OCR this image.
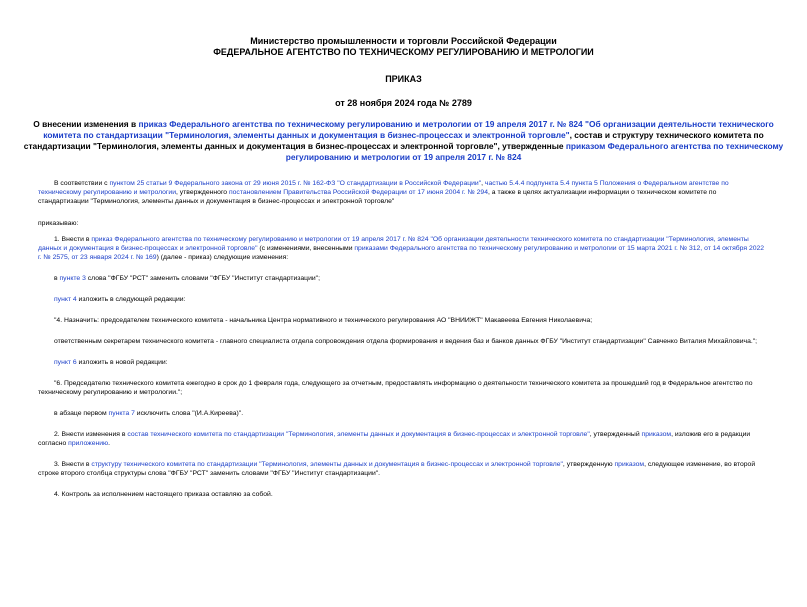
Министерство промышленности и торговли Российской Федерации
ФЕДЕРАЛЬНОЕ АГЕНТСТВО ПО ТЕХНИЧЕСКОМУ РЕГУЛИРОВАНИЮ И МЕТРОЛОГИИ
ПРИКАЗ
от 28 ноября 2024 года № 2789
О внесении изменения в приказ Федерального агентства по техническому регулированию и метрологии от 19 апреля 2017 г. № 824 "Об организации деятельности технического комитета по стандартизации "Терминология, элементы данных и документация в бизнес-процессах и электронной торговле", состав и структуру технического комитета по стандартизации "Терминология, элементы данных и документация в бизнес-процессах и электронной торговле", утвержденные приказом Федерального агентства по техническому регулированию и метрологии от 19 апреля 2017 г. № 824

В соответствии с пунктом 25 статьи 9 Федерального закона от 29 июня 2015 г. № 162-ФЗ "О стандартизации в Российской Федерации", частью 5.4.4 подпункта 5.4 пункта 5 Положения о Федеральном агентстве по техническому регулированию и метрологии, утвержденного постановлением Правительства Российской Федерации от 17 июня 2004 г. № 294, а также в целях актуализации информации о техническом комитете по стандартизации "Терминология, элементы данных и документация в бизнес-процессах и электронной торговле"

приказываю:

1. Внести в приказ Федерального агентства по техническому регулированию и метрологии от 19 апреля 2017 г. № 824 "Об организации деятельности технического комитета по стандартизации "Терминология, элементы данных и документация в бизнес-процессах и электронной торговле" (с изменениями, внесенными приказами Федерального агентства по техническому регулированию и метрологии от 15 марта 2021 г. № 312, от 14 октября 2022 г. № 2575, от 23 января 2024 г. № 169) (далее - приказ) следующие изменения:

в пункте 3 слова "ФГБУ "РСТ" заменить словами "ФГБУ "Институт стандартизации";

пункт 4 изложить в следующей редакции:

"4. Назначить: председателем технического комитета - начальника Центра нормативного и технического регулирования АО "ВНИИЖТ" Макавеева Евгения Николаевича;

ответственным секретарем технического комитета - главного специалиста отдела сопровождения отдела формирования и ведения баз и банков данных ФГБУ "Институт стандартизации" Савченко Виталия Михайловича.";

пункт 6 изложить в новой редакции:

"6. Председателю технического комитета ежегодно в срок до 1 февраля года, следующего за отчетным, предоставлять информацию о деятельности технического комитета за прошедший год в Федеральное агентство по техническому регулированию и метрологии.";

в абзаце первом пункта 7 исключить слова "(И.А.Киреева)".

2. Внести изменения в состав технического комитета по стандартизации "Терминология, элементы данных и документация в бизнес-процессах и электронной торговле", утвержденный приказом, изложив его в редакции согласно приложению.

3. Внести в структуру технического комитета по стандартизации "Терминология, элементы данных и документация в бизнес-процессах и электронной торговле", утвержденную приказом, следующее изменение, во второй строке второго столбца структуры слова "ФГБУ "РСТ" заменить словами "ФГБУ "Институт стандартизации".

4. Контроль за исполнением настоящего приказа оставляю за собой.
